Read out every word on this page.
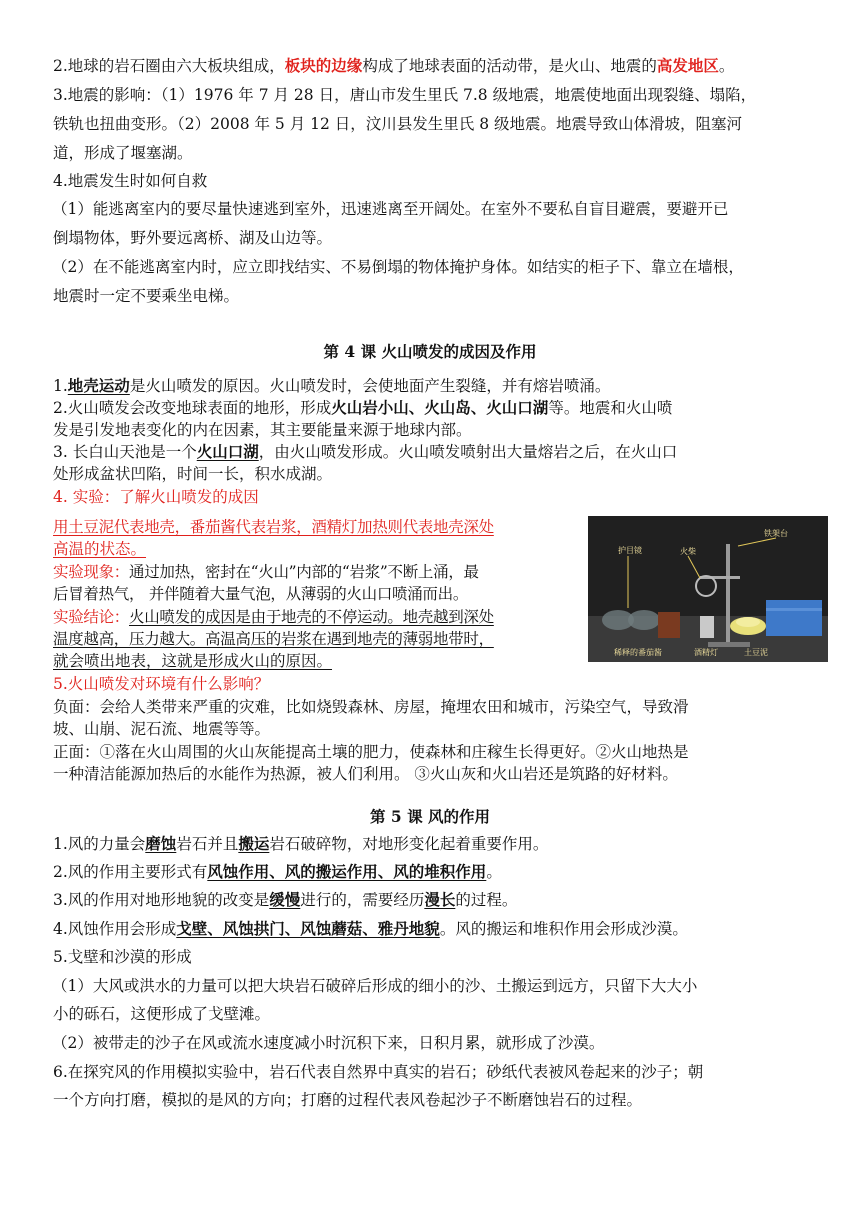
2.地球的岩石圈由六大板块组成，板块的边缘构成了地球表面的活动带，是火山、地震的高发地区。
3.地震的影响：（1）1976 年 7 月 28 日，唐山市发生里氏 7.8 级地震，地震使地面出现裂缝、塌陷，
铁轨也扭曲变形。（2）2008 年 5 月 12 日，汶川县发生里氏 8 级地震。地震导致山体滑坡，阻塞河
道，形成了堰塞湖。
4.地震发生时如何自救
（1）能逃离室内的要尽量快速逃到室外，迅速逃离至开阔处。在室外不要私自盲目避震，要避开已
倒塌物体，野外要远离桥、湖及山边等。
（2）在不能逃离室内时，应立即找结实、不易倒塌的物体掩护身体。如结实的柜子下、靠立在墙根，
地震时一定不要乘坐电梯。
第 4 课 火山喷发的成因及作用
1.地壳运动是火山喷发的原因。火山喷发时，会使地面产生裂缝，并有熔岩喷涌。
2.火山喷发会改变地球表面的地形，形成火山岩小山、火山岛、火山口湖等。地震和火山喷
发是引发地表变化的内在因素，其主要能量来源于地球内部。
3. 长白山天池是一个火山口湖，由火山喷发形成。火山喷发喷射出大量熔岩之后，在火山口
处形成盆状凹陷，时间一长，积水成湖。
4. 实验：了解火山喷发的成因
用土豆泥代表地壳，番茄酱代表岩浆，酒精灯加热则代表地壳深处
高温的状态。
实验现象：通过加热，密封在“火山”内部的“岩浆”不断上涌，最
后冒着热气， 并伴随着大量气泡，从薄弱的火山口喷涌而出。
实验结论：火山喷发的成因是由于地壳的不停运动。地壳越到深处
温度越高，压力越大。高温高压的岩浆在遇到地壳的薄弱地带时，
就会喷出地表，这就是形成火山的原因。
铁架台
护目镜	火柴
稀释的番茄酱	酒精灯	土豆泥
5.火山喷发对环境有什么影响？
负面：会给人类带来严重的灾难，比如烧毁森林、房屋，掩埋农田和城市，污染空气，导致滑
坡、山崩、泥石流、地震等等。
正面：①落在火山周围的火山灰能提高土壤的肥力，使森林和庄稼生长得更好。②火山地热是
一种清洁能源加热后的水能作为热源，被人们利用。 ③火山灰和火山岩还是筑路的好材料。
第 5 课 风的作用
1.风的力量会磨蚀岩石并且搬运岩石破碎物，对地形变化起着重要作用。
2.风的作用主要形式有风蚀作用、风的搬运作用、风的堆积作用。
3.风的作用对地形地貌的改变是缓慢进行的，需要经历漫长的过程。
4.风蚀作用会形成戈壁、风蚀拱门、风蚀蘑菇、雅丹地貌。风的搬运和堆积作用会形成沙漠。
5.戈壁和沙漠的形成
（1）大风或洪水的力量可以把大块岩石破碎后形成的细小的沙、土搬运到远方，只留下大大小
小的砾石，这便形成了戈壁滩。
（2）被带走的沙子在风或流水速度减小时沉积下来，日积月累，就形成了沙漠。
6.在探究风的作用模拟实验中，岩石代表自然界中真实的岩石；砂纸代表被风卷起来的沙子；朝
一个方向打磨，模拟的是风的方向；打磨的过程代表风卷起沙子不断磨蚀岩石的过程。
